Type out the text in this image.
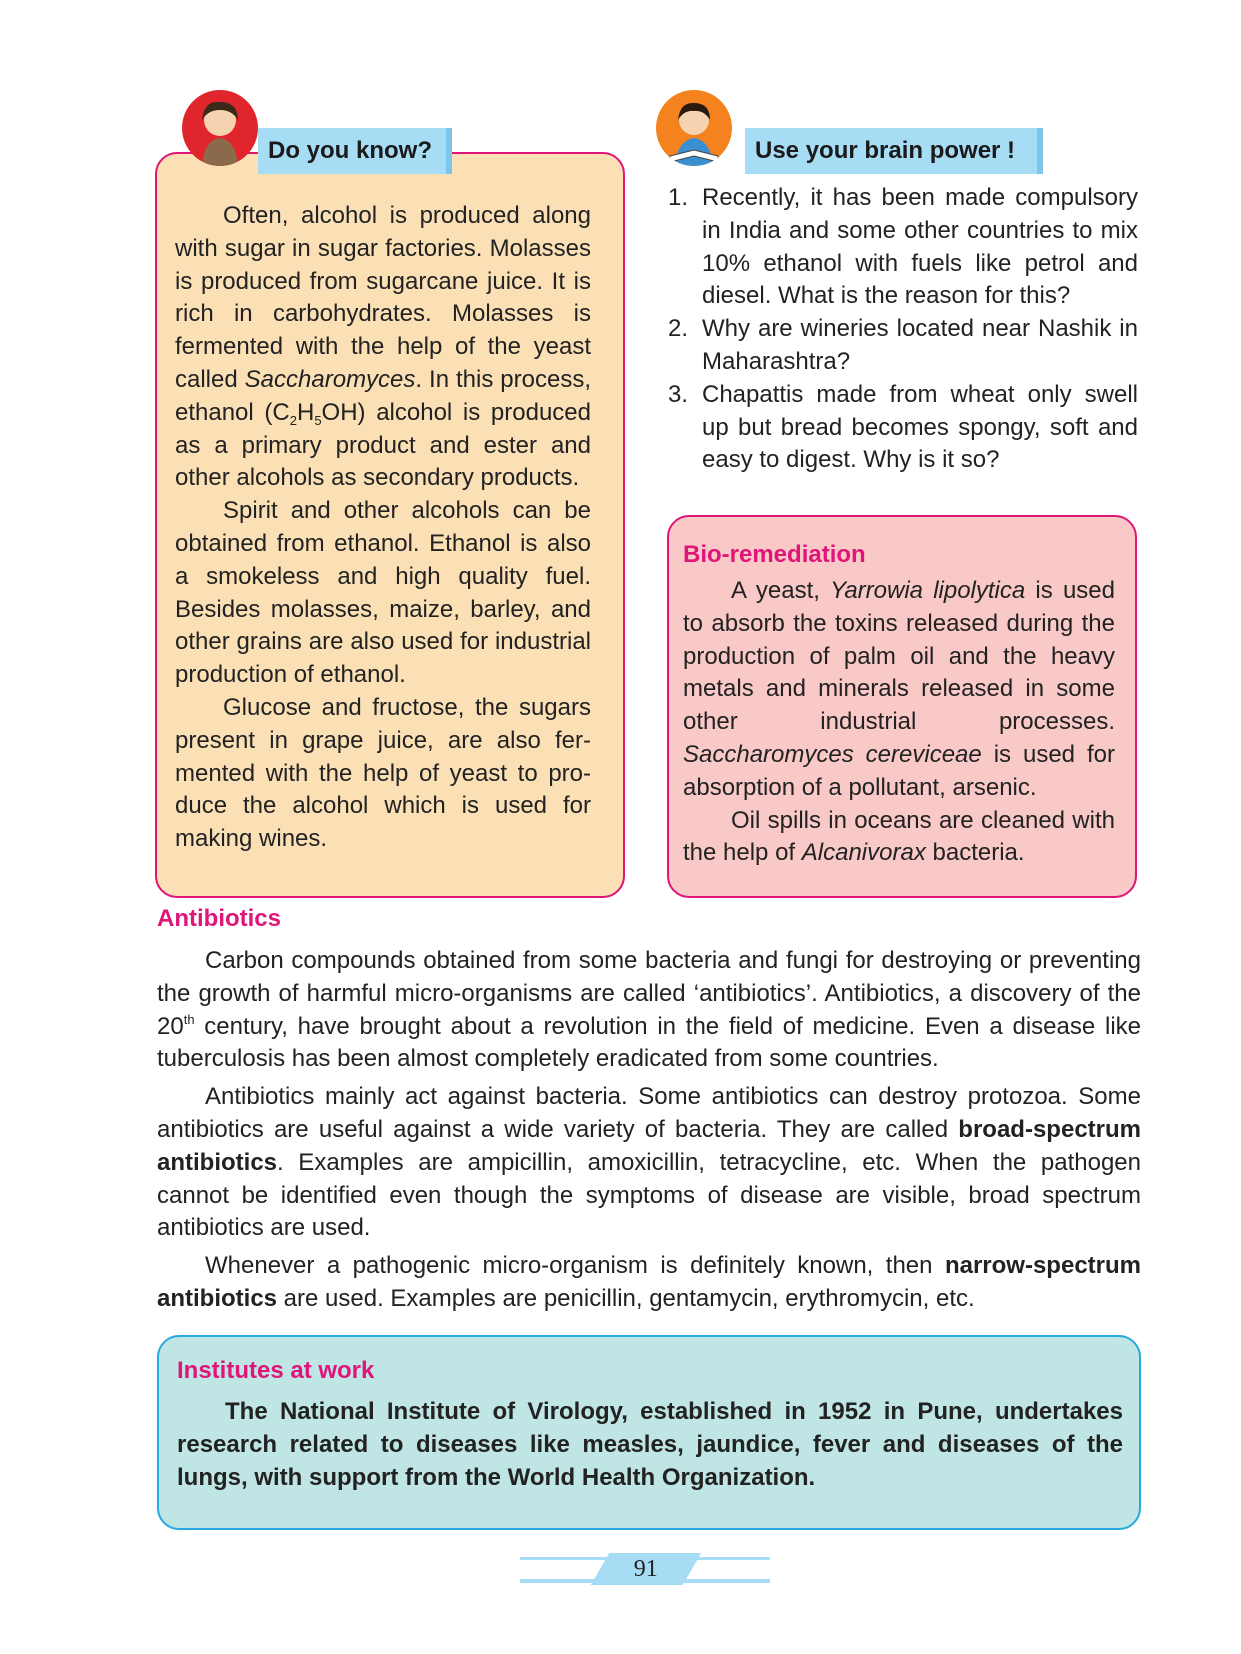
Do you know?

Often, alcohol is produced along with sugar in sugar factories. Molasses is produced from sugarcane juice. It is rich in carbohydrates. Molasses is fermented with the help of the yeast called Saccharomyces. In this process, ethanol $(C_2H_5OH)$ alcohol is produced as a primary product and ester and other alcohols as secondary products.

Spirit and other alcohols can be obtained from ethanol. Ethanol is also a smokeless and high quality fuel. Besides molasses, maize, barley, and other grains are also used for industrial production of ethanol.

Glucose and fructose, the sugars present in grape juice, are also fer-mented with the help of yeast to pro-duce the alcohol which is used for making wines.

Use your brain power !
1. Recently, it has been made compulsory in India and some other countries to mix 10% ethanol with fuels like petrol and diesel. What is the reason for this?
2. Why are wineries located near Nashik in Maharashtra?
3. Chapattis made from wheat only swell up but bread becomes spongy, soft and easy to digest. Why is it so?
Bio-remediation

A yeast, Yarrowia lipolytica is used to absorb the toxins released during the production of palm oil and the heavy metals and minerals released in some other industrial processes. Saccharomyces cereviceae is used for absorption of a pollutant, arsenic.

Oil spills in oceans are cleaned with the help of Alcanivorax bacteria.

Antibiotics

Carbon compounds obtained from some bacteria and fungi for destroying or preventing the growth of harmful micro-organisms are called ‘antibiotics’. Antibiotics, a discovery of the 20th century, have brought about a revolution in the field of medicine. Even a disease like tuberculosis has been almost completely eradicated from some countries.

Antibiotics mainly act against bacteria. Some antibiotics can destroy protozoa. Some antibiotics are useful against a wide variety of bacteria. They are called broad-spectrum antibiotics. Examples are ampicillin, amoxicillin, tetracycline, etc. When the pathogen cannot be identified even though the symptoms of disease are visible, broad spectrum antibiotics are used.

Whenever a pathogenic micro-organism is definitely known, then narrow-spectrum antibiotics are used. Examples are penicillin, gentamycin, erythromycin, etc.

Institutes at work

The National Institute of Virology, established in 1952 in Pune, undertakes research related to diseases like measles, jaundice, fever and diseases of the lungs, with support from the World Health Organization.

91
